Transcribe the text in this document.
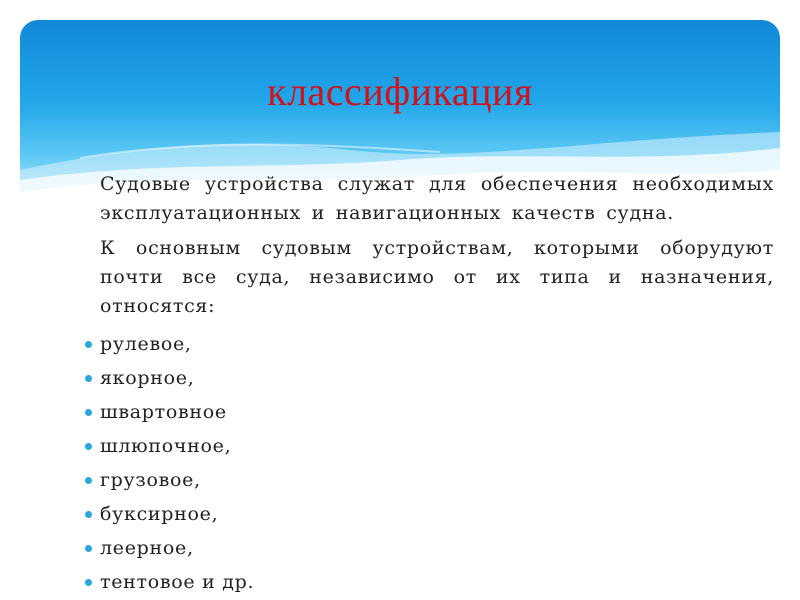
классификация

Судовые устройства служат для обеспечения необходимых эксплуатационных и навигационных качеств судна.

К основным судовым устройствам, которыми оборудуют почти все суда, независимо от их типа и назначения, относятся:

рулевое,
якорное,
швартовное
шлюпочное,
грузовое,
буксирное,
леерное,
тентовое и др.
